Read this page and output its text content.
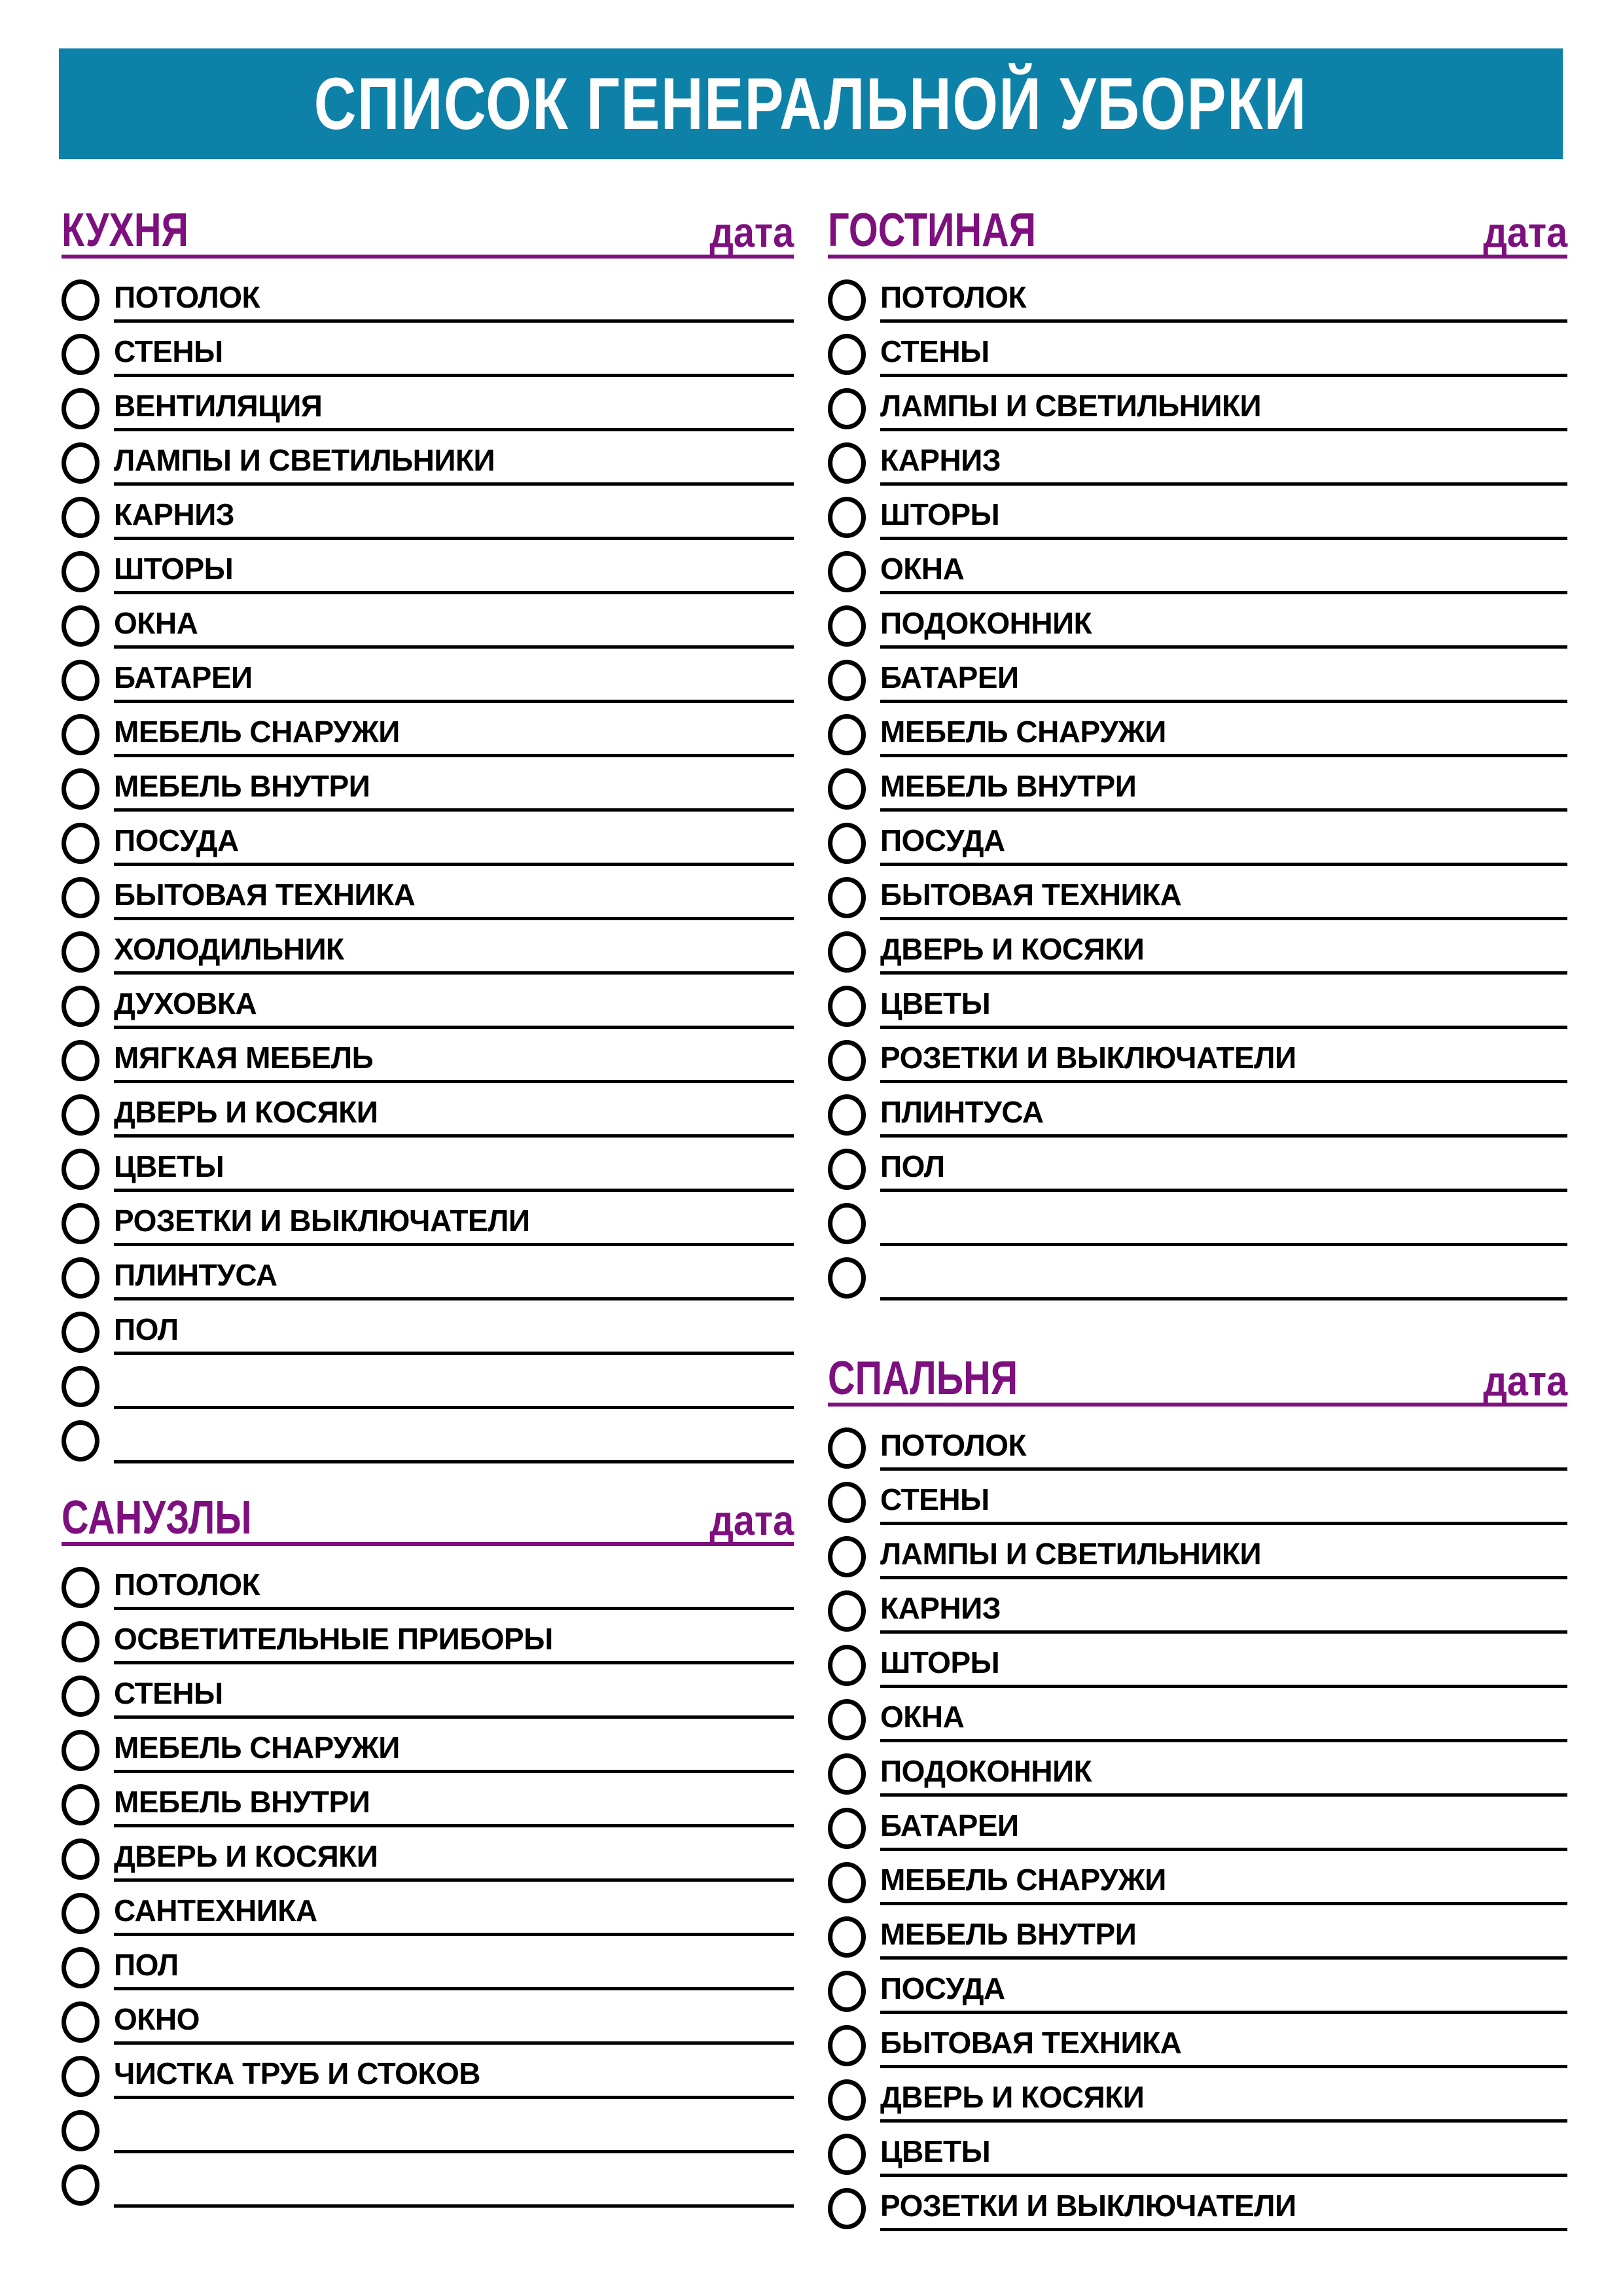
СПИСОК ГЕНЕРАЛЬНОЙ УБОРКИ
КУХНЯ	дата
ПОТОЛОК
СТЕНЫ
ВЕНТИЛЯЦИЯ
ЛАМПЫ И СВЕТИЛЬНИКИ
КАРНИЗ
ШТОРЫ
ОКНА
БАТАРЕИ
МЕБЕЛЬ СНАРУЖИ
МЕБЕЛЬ ВНУТРИ
ПОСУДА
БЫТОВАЯ ТЕХНИКА
ХОЛОДИЛЬНИК
ДУХОВКА
МЯГКАЯ МЕБЕЛЬ
ДВЕРЬ И КОСЯКИ
ЦВЕТЫ
РОЗЕТКИ И ВЫКЛЮЧАТЕЛИ
ПЛИНТУСА
ПОЛ
САНУЗЛЫ	дата
ПОТОЛОК
ОСВЕТИТЕЛЬНЫЕ ПРИБОРЫ
СТЕНЫ
МЕБЕЛЬ СНАРУЖИ
МЕБЕЛЬ ВНУТРИ
ДВЕРЬ И КОСЯКИ
САНТЕХНИКА
ПОЛ
ОКНО
ЧИСТКА ТРУБ И СТОКОВ
ГОСТИНАЯ	дата
ПОТОЛОК
СТЕНЫ
ЛАМПЫ И СВЕТИЛЬНИКИ
КАРНИЗ
ШТОРЫ
ОКНА
ПОДОКОННИК
БАТАРЕИ
МЕБЕЛЬ СНАРУЖИ
МЕБЕЛЬ ВНУТРИ
ПОСУДА
БЫТОВАЯ ТЕХНИКА
ДВЕРЬ И КОСЯКИ
ЦВЕТЫ
РОЗЕТКИ И ВЫКЛЮЧАТЕЛИ
ПЛИНТУСА
ПОЛ
СПАЛЬНЯ	дата
ПОТОЛОК
СТЕНЫ
ЛАМПЫ И СВЕТИЛЬНИКИ
КАРНИЗ
ШТОРЫ
ОКНА
ПОДОКОННИК
БАТАРЕИ
МЕБЕЛЬ СНАРУЖИ
МЕБЕЛЬ ВНУТРИ
ПОСУДА
БЫТОВАЯ ТЕХНИКА
ДВЕРЬ И КОСЯКИ
ЦВЕТЫ
РОЗЕТКИ И ВЫКЛЮЧАТЕЛИ
